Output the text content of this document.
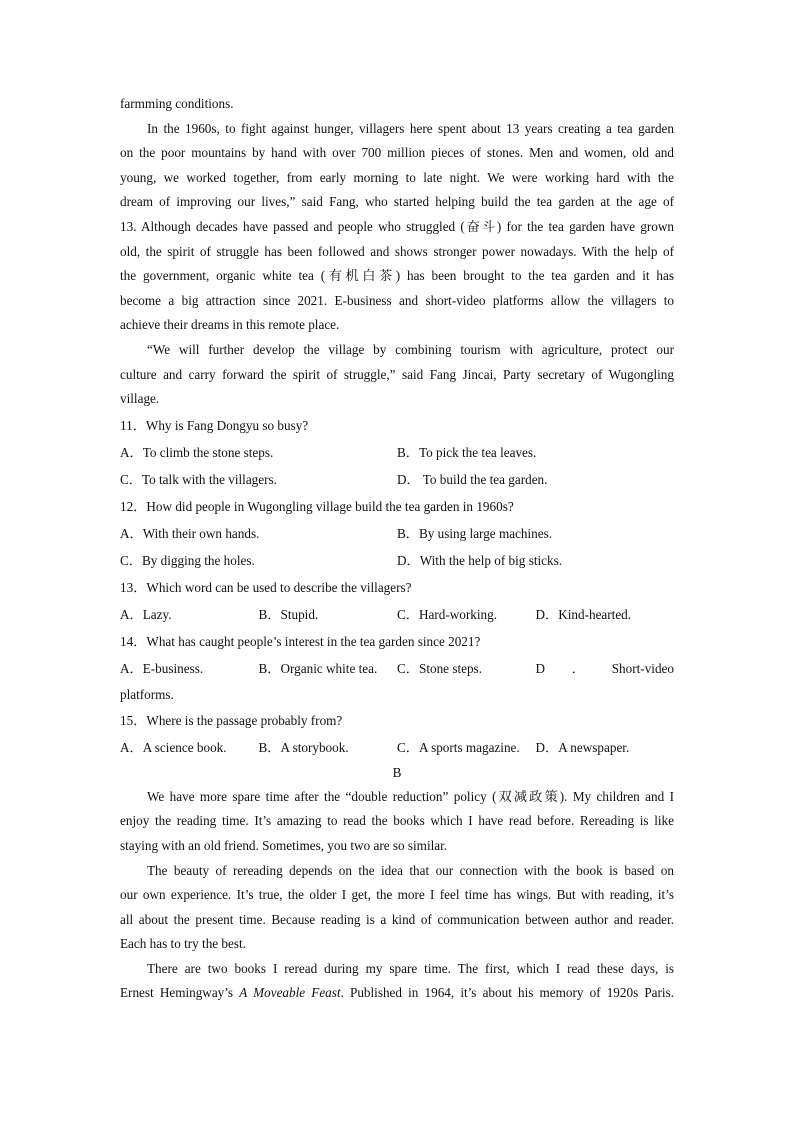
farmming conditions.
In the 1960s, to fight against hunger, villagers here spent about 13 years creating a tea garden
on the poor mountains by hand with over 700 million pieces of stones. Men and women, old and
young, we worked together, from early morning to late night. We were working hard with the
dream of improving our lives,” said Fang, who started helping build the tea garden at the age of
13. Although decades have passed and people who struggled (奋斗) for the tea garden have grown
old, the spirit of struggle has been followed and shows stronger power nowadays. With the help of
the government, organic white tea (有机白茶) has been brought to the tea garden and it has
become a big attraction since 2021. E-business and short-video platforms allow the villagers to
achieve their dreams in this remote place.
“We will further develop the village by combining tourism with agriculture, protect our
culture and carry forward the spirit of struggle,” said Fang Jincai, Party secretary of Wugongling
village.
11．Why is Fang Dongyu so busy?
A．To climb the stone steps.	B．To pick the tea leaves.
C．To talk with the villagers.	D． To build the tea garden.
12．How did people in Wugongling village build the tea garden in 1960s?
A．With their own hands.	B．By using large machines.
C．By digging the holes.	D．With the help of big sticks.
13．Which word can be used to describe the villagers?
A．Lazy.	B．Stupid.	C．Hard-working.	D．Kind-hearted.
14．What has caught people’s interest in the tea garden since 2021?
A．E-business.	B．Organic white tea.	C．Stone steps.	D ． Short-video
platforms.
15．Where is the passage probably from?
A．A science book.	B．A storybook.	C．A sports magazine.	D．A newspaper.
B
We have more spare time after the “double reduction” policy (双减政策). My children and I
enjoy the reading time. It’s amazing to read the books which I have read before. Rereading is like
staying with an old friend. Sometimes, you two are so similar.
The beauty of rereading depends on the idea that our connection with the book is based on
our own experience. It’s true, the older I get, the more I feel time has wings. But with reading, it’s
all about the present time. Because reading is a kind of communication between author and reader.
Each has to try the best.
There are two books I reread during my spare time. The first, which I read these days, is
Ernest Hemingway’s A Moveable Feast. Published in 1964, it’s about his memory of 1920s Paris.
